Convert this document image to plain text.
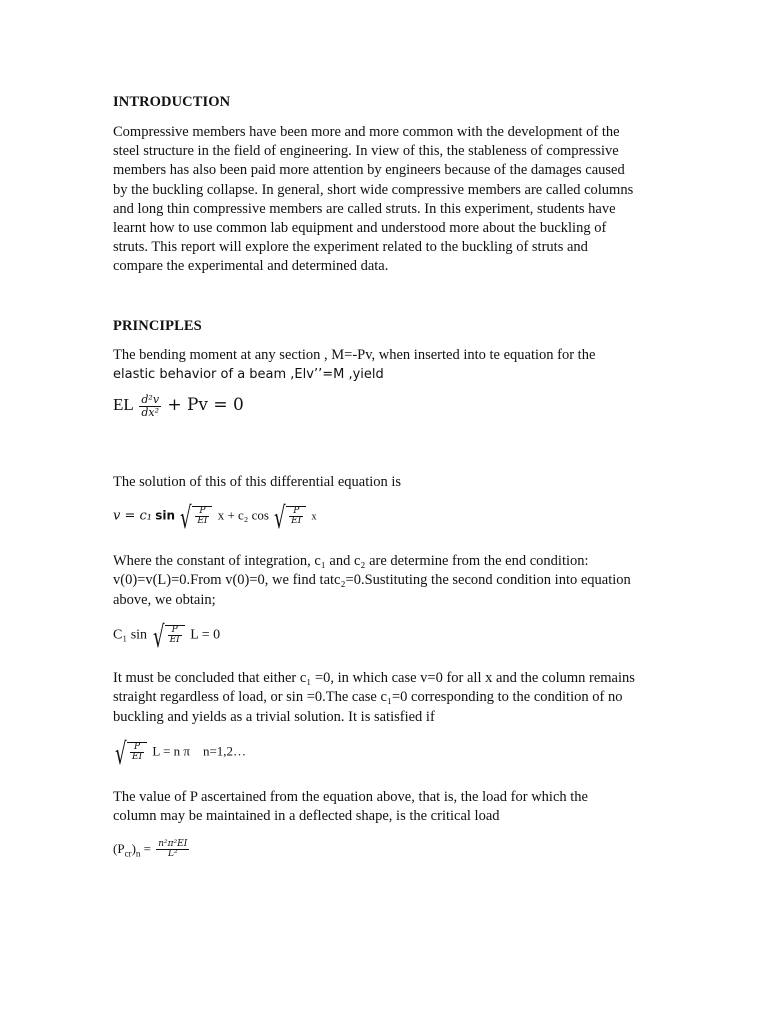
INTRODUCTION
Compressive members have been more and more common with the development of the
steel structure in the field of engineering. In view of this, the stableness of compressive
members has also been paid more attention by engineers because of the damages caused
by the buckling collapse. In general, short wide compressive members are called columns
and long thin compressive members are called struts. In this experiment, students have
learnt how to use common lab equipment and understood more about the buckling of
struts. This report will explore the experiment related to the buckling of struts and
compare the experimental and determined data.
PRINCIPLES
The bending moment at any section , M=-Pv, when inserted into te equation for the
elastic behavior of a beam ,Elv’’=M ,yield
EL $\frac{\text{d²v}}{\text{dx²}} + Pv = 0$
The solution of this of this differential equation is
v = c₁ sin √ $\frac{P}{EI}$ x + c₂ cos √ $\frac{P}{EI}$ x
Where the constant of integration, c₁ and c₂ are determine from the end condition:
v(0)=v(L)=0.From v(0)=0, we find tatc₂=0.Sustituting the second condition into equation
above, we obtain;
C₁ sin √ $\frac{P}{EI}$ L = 0
It must be concluded that either c₁ =0, in which case v=0 for all x and the column remains
straight regardless of load, or sin =0.The case c₁=0 corresponding to the condition of no
buckling and yields as a trivial solution. It is satisfied if
√ $\frac{P}{EI}$ L = n π    n=1,2…
The value of P ascertained from the equation above, that is, the load for which the
column may be maintained in a deflected shape, is the critical load
$(P_{cr})_n = \frac{\text{n²π²EI}}{\text{L²}}$
